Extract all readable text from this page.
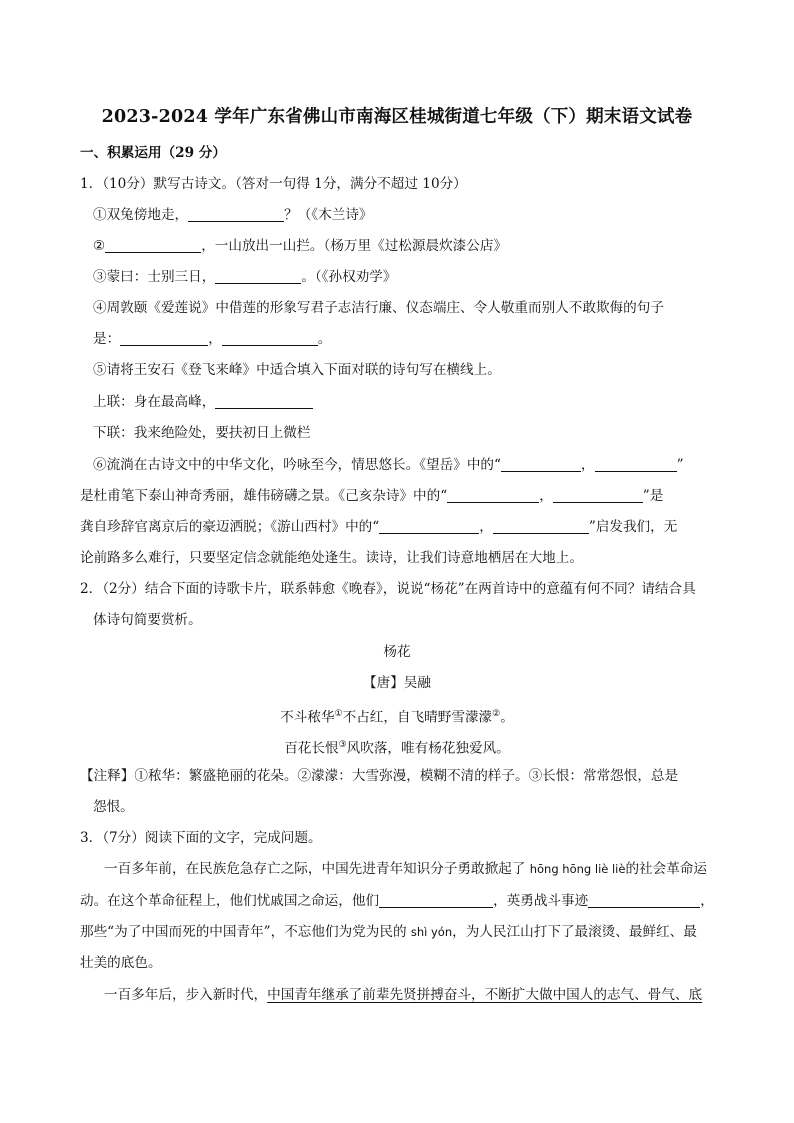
2023-2024 学年广东省佛山市南海区桂城街道七年级（下）期末语文试卷
一、积累运用（29 分）
1．（10分）默写古诗文。（答对一句得 1分，满分不超过 10分）
①双兔傍地走，	？（《木兰诗》
②	，一山放出一山拦。（杨万里《过松源晨炊漆公店》
③蒙曰：士别三日，	。（《孙权劝学》
④周敦颐《爱莲说》中借莲的形象写君子志洁行廉、仪态端庄、令人敬重而别人不敢欺侮的句子
是：	，	。
⑤请将王安石《登飞来峰》中适合填入下面对联的诗句写在横线上。
上联：身在最高峰，
下联：我来绝险处，要扶初日上微栏
⑥流淌在古诗文中的中华文化，吟咏至今，情思悠长。《望岳》中的“	，	”
是杜甫笔下泰山神奇秀丽，雄伟磅礴之景。《己亥杂诗》中的“	，	”是
龚自珍辞官离京后的豪迈洒脱；《游山西村》中的“	，	”启发我们，无
论前路多么难行，只要坚定信念就能绝处逢生。读诗，让我们诗意地栖居在大地上。
2．（2分）结合下面的诗歌卡片，联系韩愈《晚春》，说说“杨花”在两首诗中的意蕴有何不同？请结合具
体诗句简要赏析。
杨花
【唐】吴融
不斗秾华①不占红，自飞晴野雪濛濛②。
百花长恨③风吹落，唯有杨花独爱风。
【注释】①秾华：繁盛艳丽的花朵。②濛濛：大雪弥漫，模糊不清的样子。③长恨：常常怨恨，总是
怨恨。
3．（7分）阅读下面的文字，完成问题。
一百多年前，在民族危急存亡之际，中国先进青年知识分子勇敢掀起了 hōng hōng liè liè的社会革命运
动。在这个革命征程上，他们忧戚国之命运，他们	，英勇战斗事迹	，
那些“为了中国而死的中国青年”，不忘他们为党为民的 shì yón，为人民江山打下了最滚烫、最鲜红、最
壮美的底色。
一百多年后，步入新时代，中国青年继承了前辈先贤拼搏奋斗，不断扩大做中国人的志气、骨气、底
